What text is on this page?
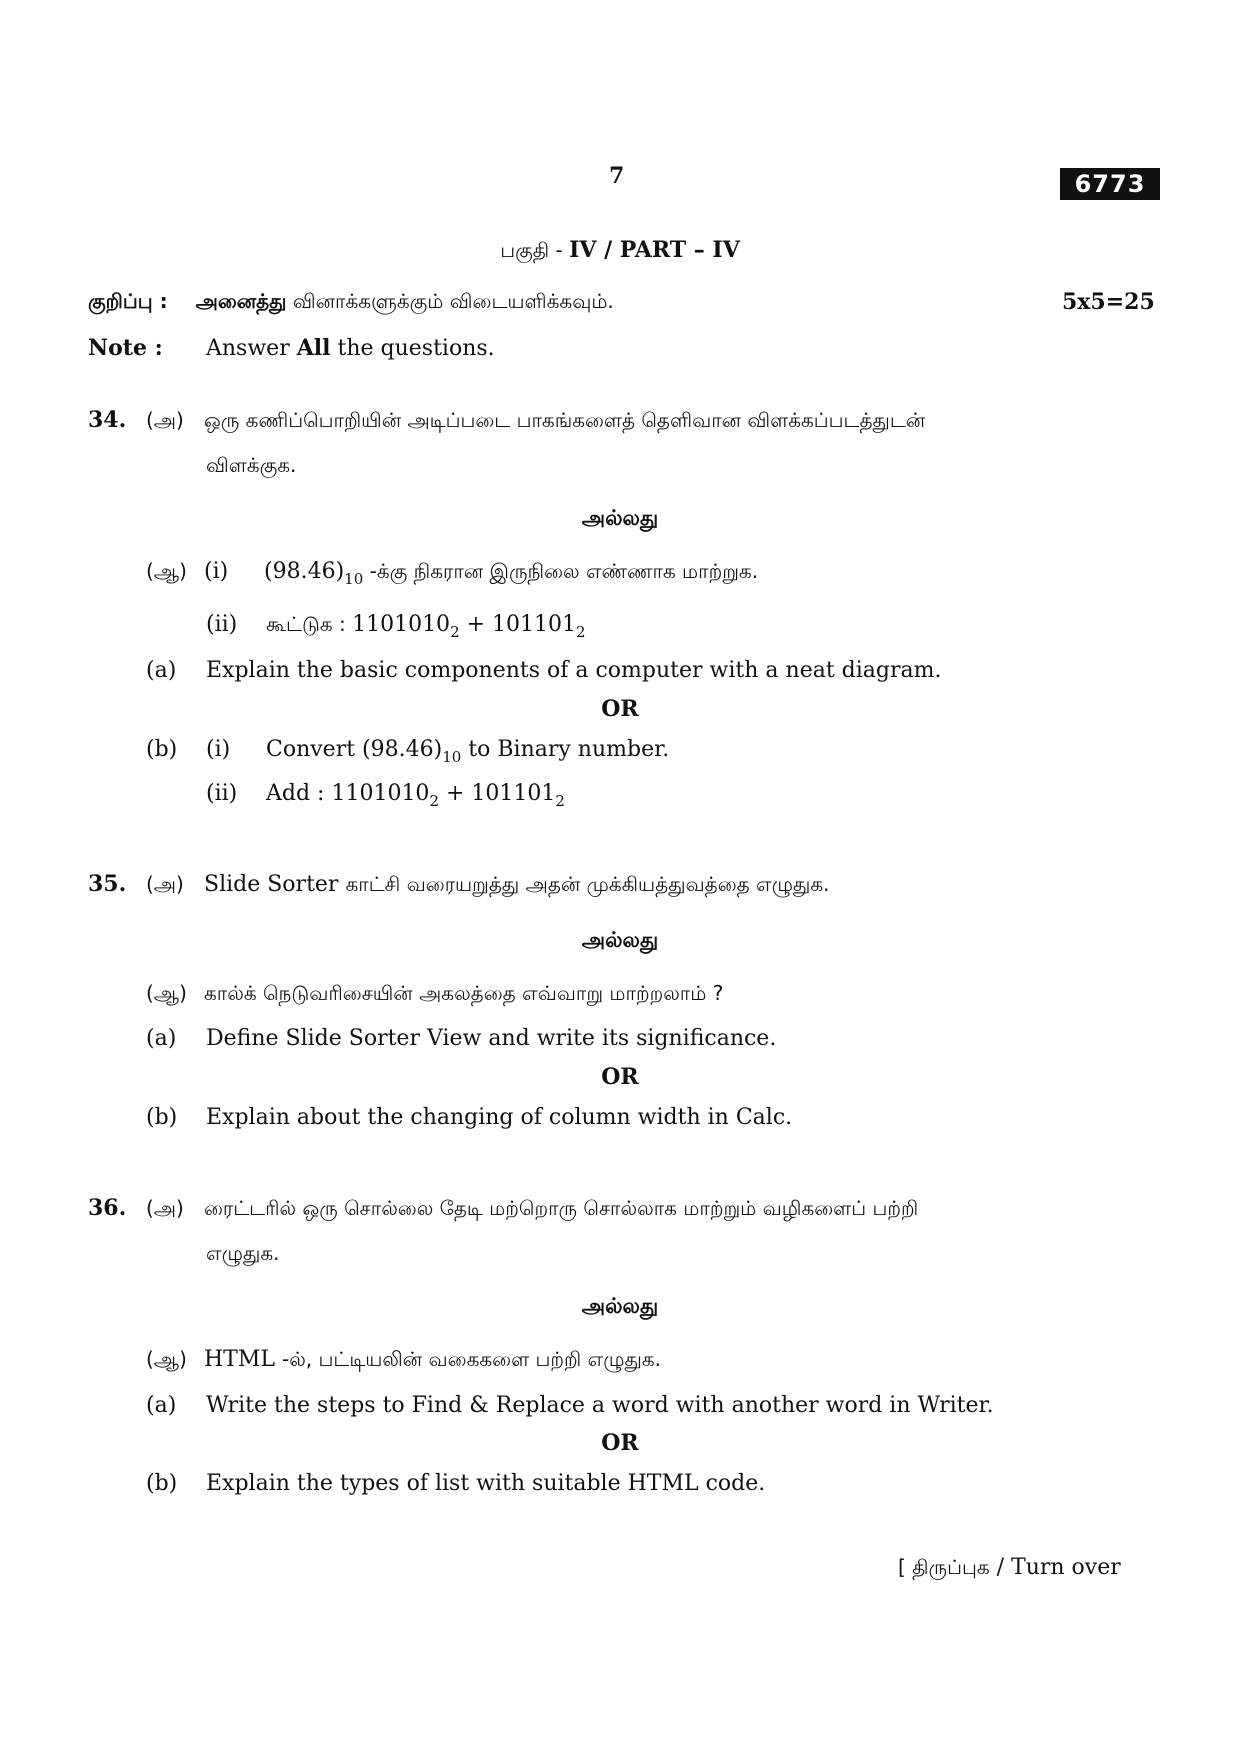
7	6773
பகுதி - IV / PART – IV
குறிப்பு : அனைத்து வினாக்களுக்கும் விடையளிக்கவும்.	5x5=25
Note : Answer All the questions.
34. (அ) ஒரு கணிப்பொறியின் அடிப்படை பாகங்களைத் தெளிவான விளக்கப்படத்துடன்
விளக்குக.
அல்லது
(ஆ) (i) $(98.46)_{10}$ -க்கு நிகரான இருநிலை எண்ணாக மாற்றுக.
(ii) கூட்டுக : $1101010_2 + 101101_2$
(a) Explain the basic components of a computer with a neat diagram.
OR
(b) (i) Convert $(98.46)_{10}$ to Binary number.
(ii) Add : $1101010_2 + 101101_2$
35. (அ) Slide Sorter காட்சி வரையறுத்து அதன் முக்கியத்துவத்தை எழுதுக.
அல்லது
(ஆ) கால்க் நெடுவரிசையின் அகலத்தை எவ்வாறு மாற்றலாம் ?
(a) Define Slide Sorter View and write its significance.
OR
(b) Explain about the changing of column width in Calc.
36. (அ) ரைட்டரில் ஒரு சொல்லை தேடி மற்றொரு சொல்லாக மாற்றும் வழிகளைப் பற்றி
எழுதுக.
அல்லது
(ஆ) HTML -ல், பட்டியலின் வகைகளை பற்றி எழுதுக.
(a) Write the steps to Find & Replace a word with another word in Writer.
OR
(b) Explain the types of list with suitable HTML code.
[ திருப்புக / Turn over
